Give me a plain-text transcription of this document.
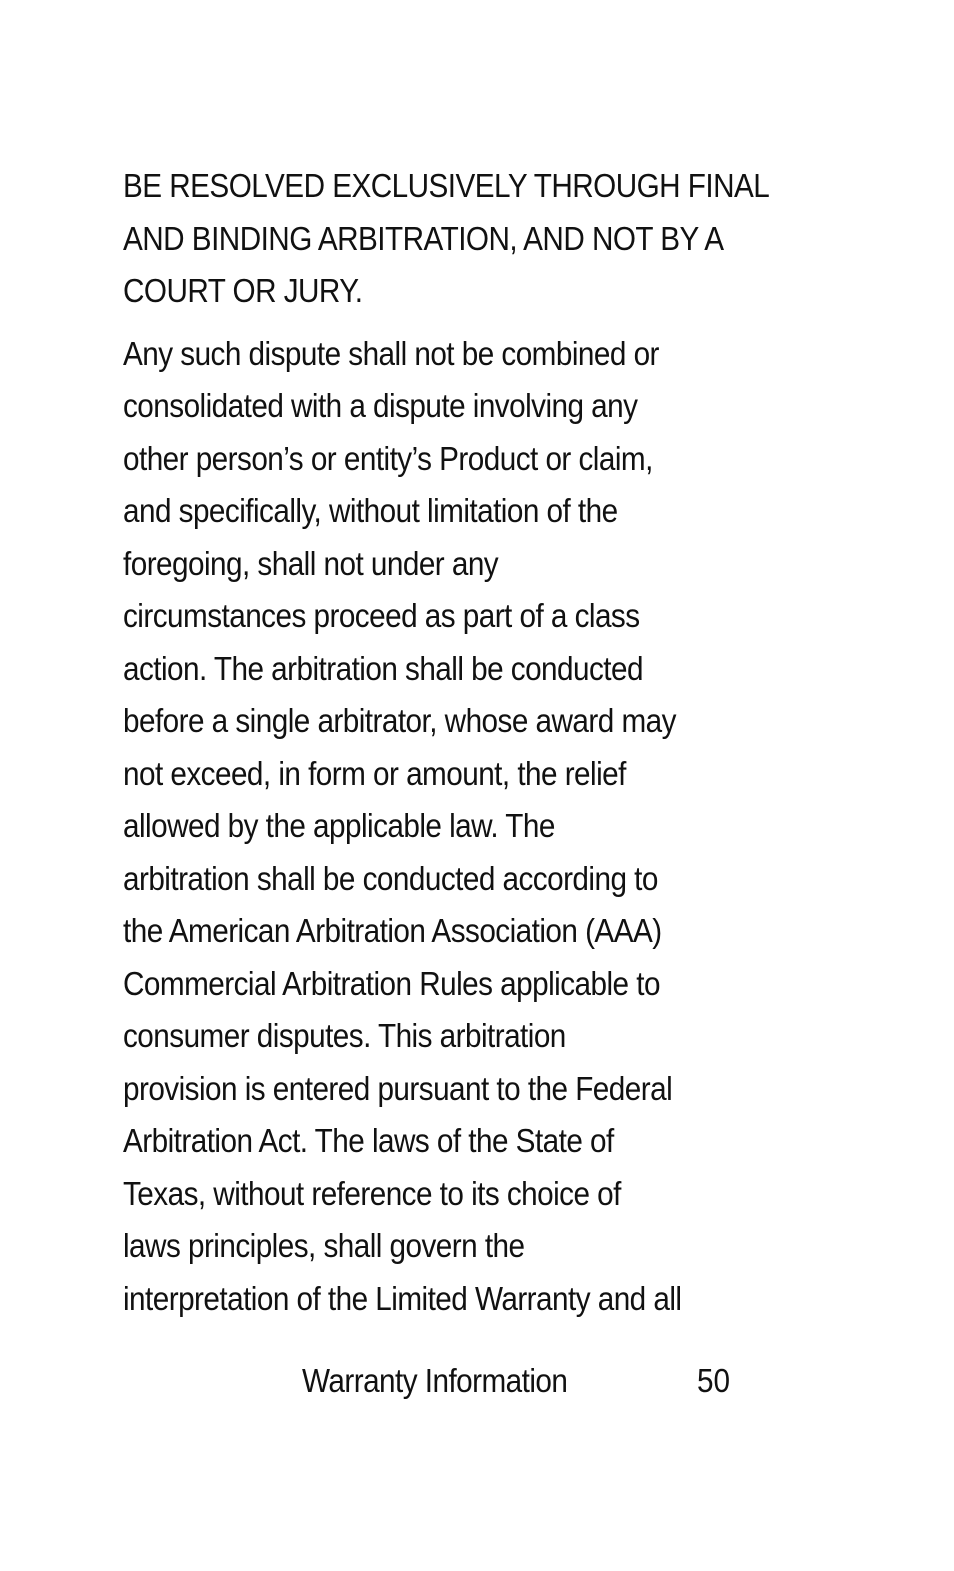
BE RESOLVED EXCLUSIVELY THROUGH FINAL
AND BINDING ARBITRATION, AND NOT BY A
COURT OR JURY.

Any such dispute shall not be combined or
consolidated with a dispute involving any
other person’s or entity’s Product or claim,
and specifically, without limitation of the
foregoing, shall not under any
circumstances proceed as part of a class
action. The arbitration shall be conducted
before a single arbitrator, whose award may
not exceed, in form or amount, the relief
allowed by the applicable law. The
arbitration shall be conducted according to
the American Arbitration Association (AAA)
Commercial Arbitration Rules applicable to
consumer disputes. This arbitration
provision is entered pursuant to the Federal
Arbitration Act. The laws of the State of
Texas, without reference to its choice of
laws principles, shall govern the
interpretation of the Limited Warranty and all

Warranty Information	50
